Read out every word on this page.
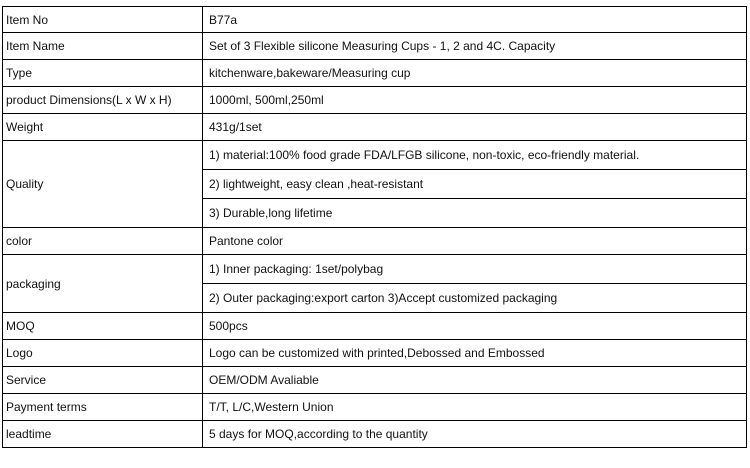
Item No	B77a
Item Name	Set of 3 Flexible silicone Measuring Cups - 1, 2 and 4C. Capacity
Type	kitchenware,bakeware/Measuring cup
product Dimensions(L x W x H)	1000ml, 500ml,250ml
Weight	431g/1set
Quality	1) material:100% food grade FDA/LFGB silicone, non-toxic, eco-friendly material.
	2) lightweight, easy clean ,heat-resistant
	3) Durable,long lifetime
color	Pantone color
packaging	1) Inner packaging: 1set/polybag
	2) Outer packaging:export carton 3)Accept customized packaging
MOQ	500pcs
Logo	Logo can be customized with printed,Debossed and Embossed
Service	OEM/ODM Avaliable
Payment terms	T/T, L/C,Western Union
leadtime	5 days for MOQ,according to the quantity
